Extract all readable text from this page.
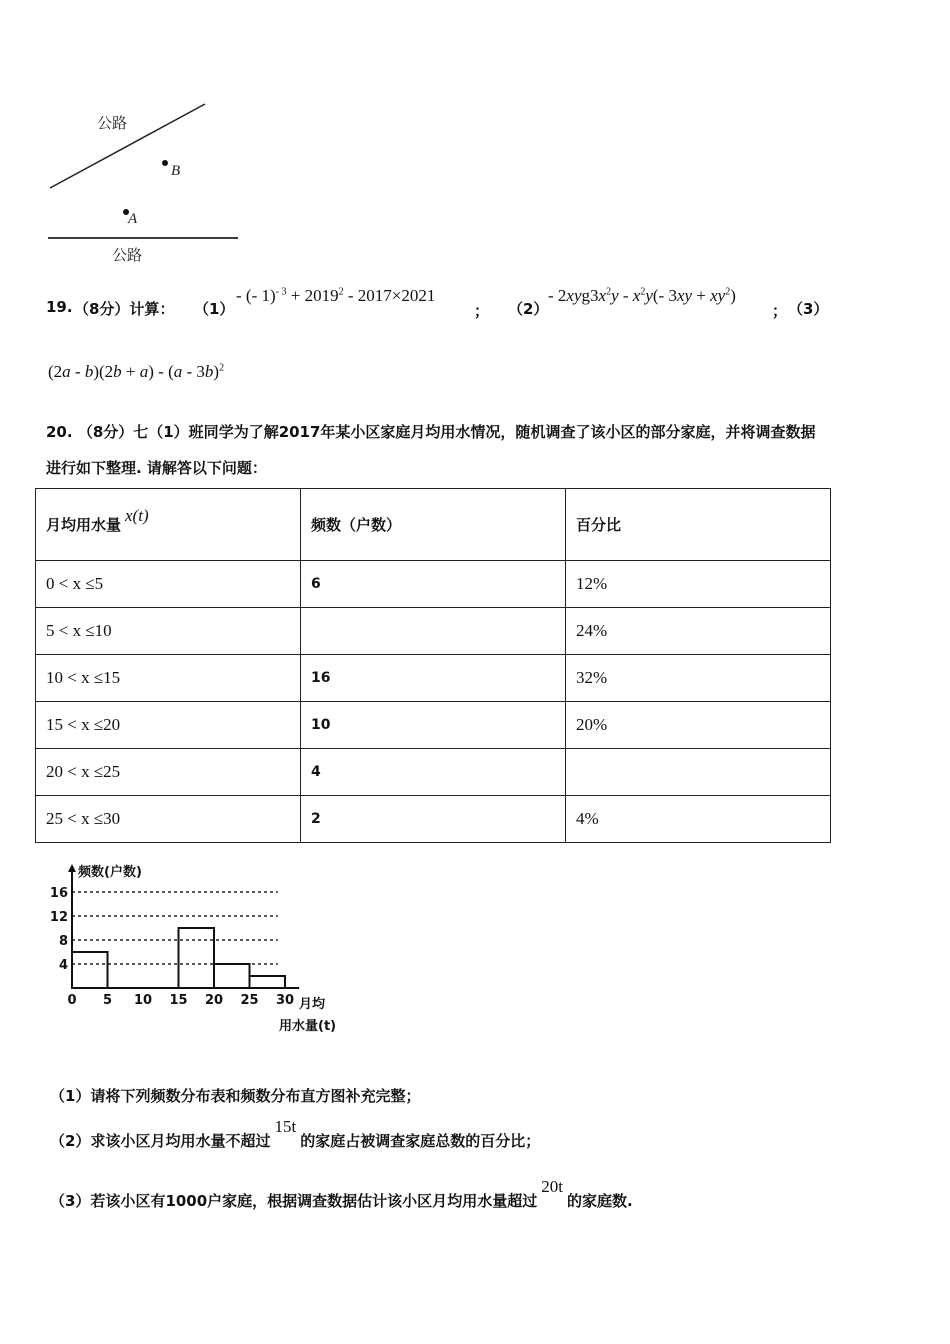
公路
B
A
公路
19. （8分）计算： （1）
- (- $1)^{- 3} + 2019^2 - 2017\times 2021$
； （2）
- $2xyg3x^2y - x^2y(-$ $3xy + xy^2$)
； （3）
(2a - b)(2b + a) - (a - 3b)$^2$
20. （8分）七（1）班同学为了解2017年某小区家庭月均用水情况，随机调查了该小区的部分家庭，并将调查数据
进行如下整理. 请解答以下问题：
月均用水量 x(t)	频数（户数）	百分比
0 < x ≤5	6	12%
5 < x ≤10		24%
10 < x ≤15	16	32%
15 < x ≤20	10	20%
20 < x ≤25	4	
25 < x ≤30	2	4%
4
8
12
16
0 5 10 15 20 25 30
频数(户数)
月均
用水量(t)
（1）请将下列频数分布表和频数分布直方图补充完整；
（2）求该小区月均用水量不超过15t的家庭占被调查家庭总数的百分比；
（3）若该小区有1000户家庭，根据调查数据估计该小区月均用水量超过20t的家庭数.
